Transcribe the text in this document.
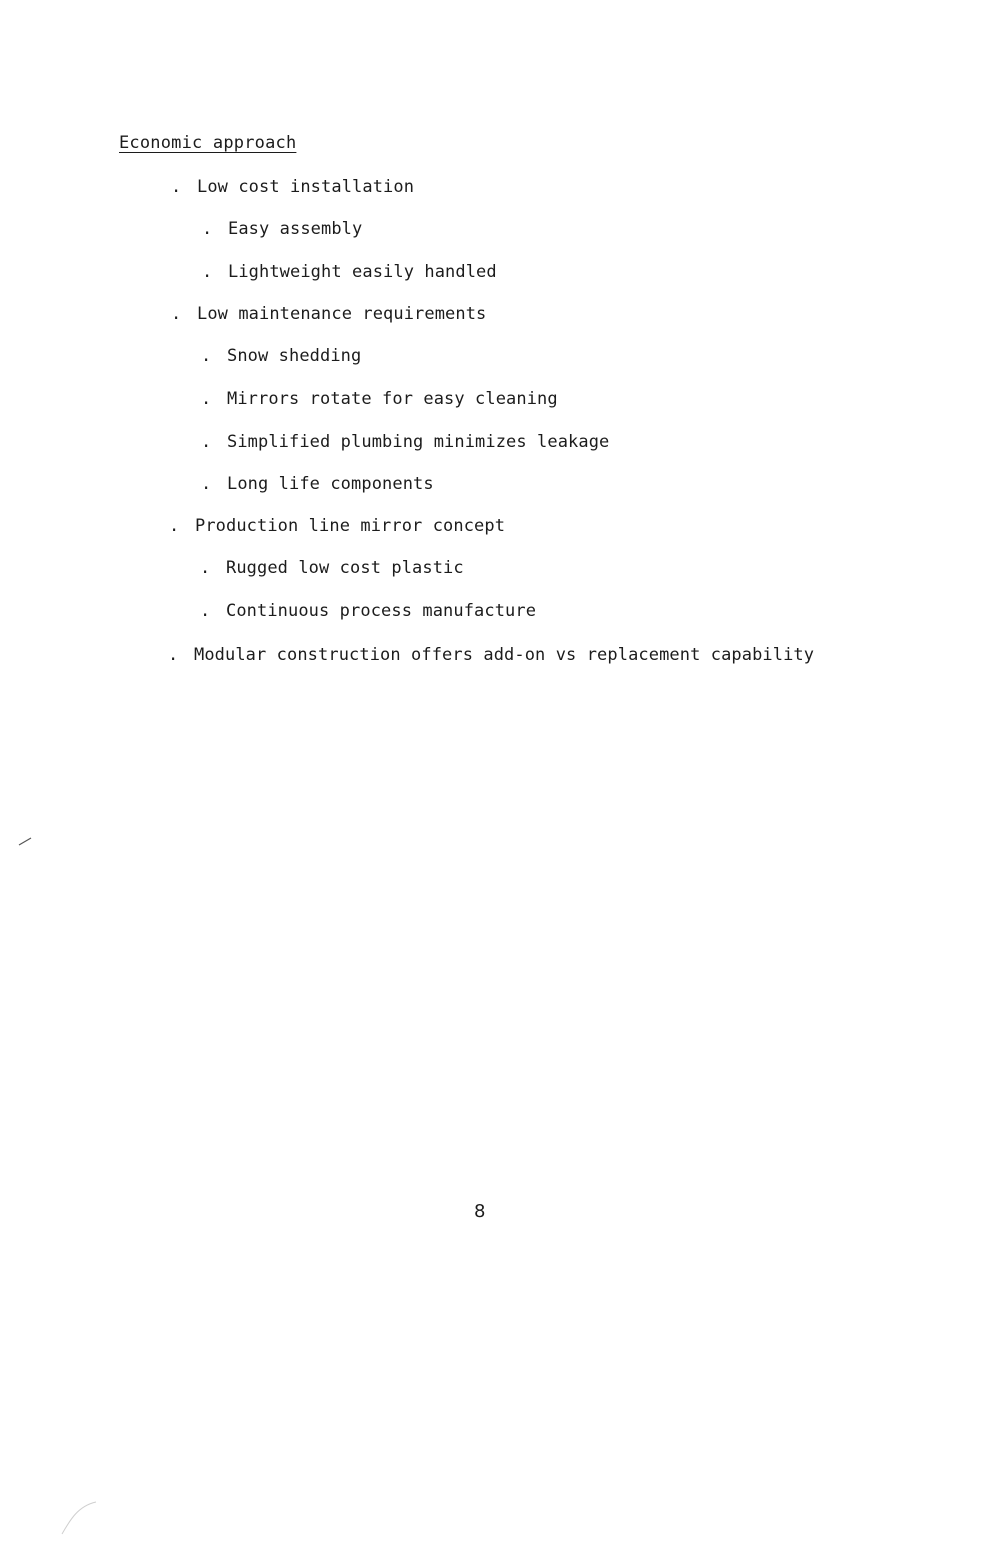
Economic approach
. Low cost installation
. Easy assembly
. Lightweight easily handled
. Low maintenance requirements
. Snow shedding
. Mirrors rotate for easy cleaning
. Simplified plumbing minimizes leakage
. Long life components
. Production line mirror concept
. Rugged low cost plastic
. Continuous process manufacture
. Modular construction offers add-on vs replacement capability
8
